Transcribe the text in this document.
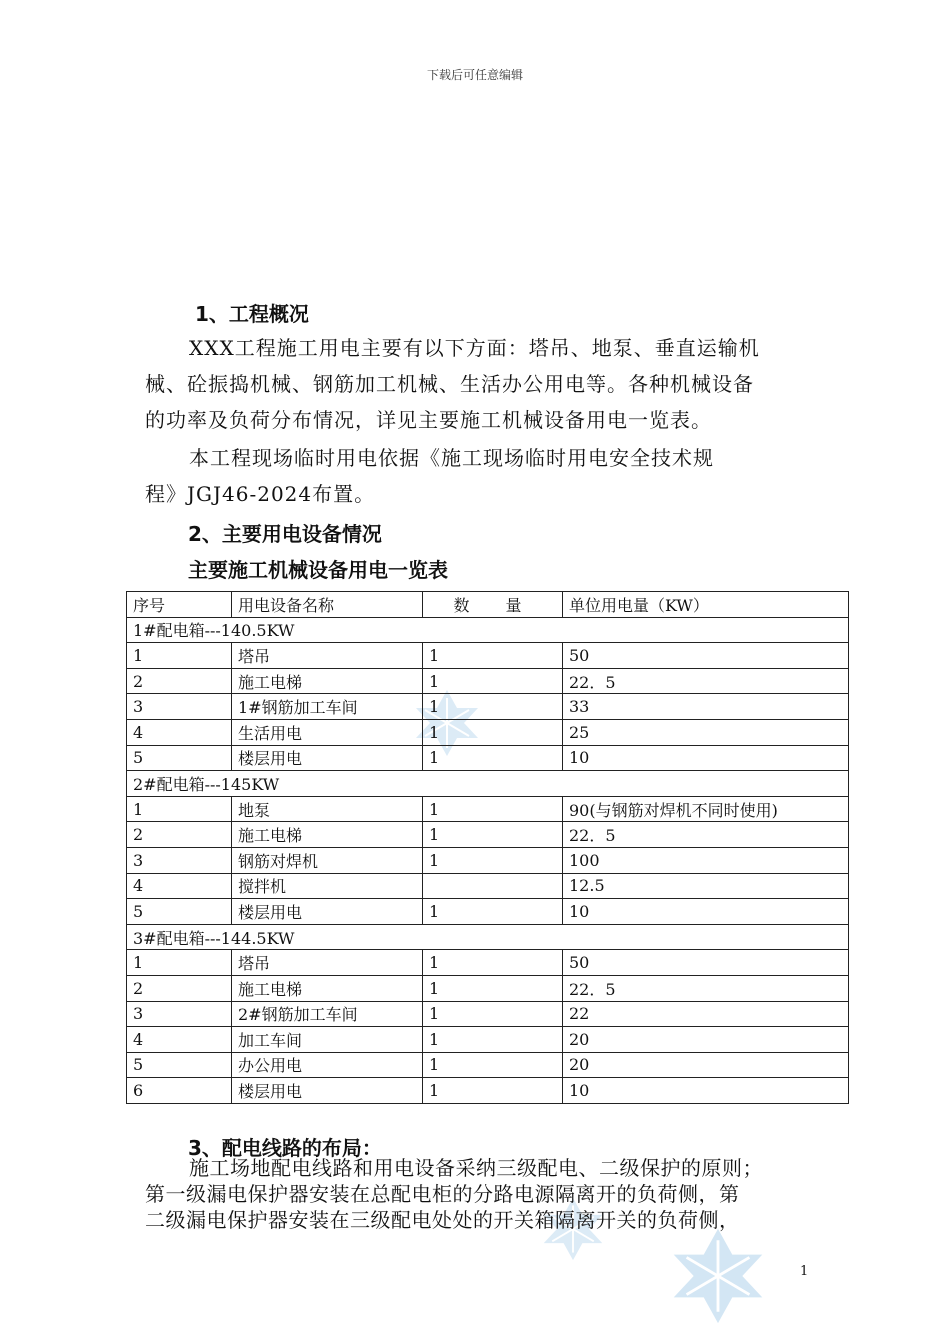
下载后可任意编辑
1、工程概况
XXX工程施工用电主要有以下方面：塔吊、地泵、垂直运输机
械、砼振捣机械、钢筋加工机械、生活办公用电等。各种机械设备
的功率及负荷分布情况，详见主要施工机械设备用电一览表。
本工程现场临时用电依据《施工现场临时用电安全技术规
程》JGJ46-2024布置。
2、主要用电设备情况
主要施工机械设备用电一览表
序号	用电设备名称	数　量	单位用电量（KW）
1#配电箱---140.5KW			
1	塔吊	1	50
2	施工电梯	1	22．5
3	1#钢筋加工车间	1	33
4	生活用电	1	25
5	楼层用电	1	10
2#配电箱---145KW			
1	地泵	1	90(与钢筋对焊机不同时使用)
2	施工电梯	1	22．5
3	钢筋对焊机	1	100
4	搅拌机		12.5
5	楼层用电	1	10
3#配电箱---144.5KW			
1	塔吊	1	50
2	施工电梯	1	22．5
3	2#钢筋加工车间	1	22
4	加工车间	1	20
5	办公用电	1	20
6	楼层用电	1	10
3、配电线路的布局：
施工场地配电线路和用电设备采纳三级配电、二级保护的原则；
第一级漏电保护器安装在总配电柜的分路电源隔离开的负荷侧，第
二级漏电保护器安装在三级配电处处的开关箱隔离开关的负荷侧，
1
